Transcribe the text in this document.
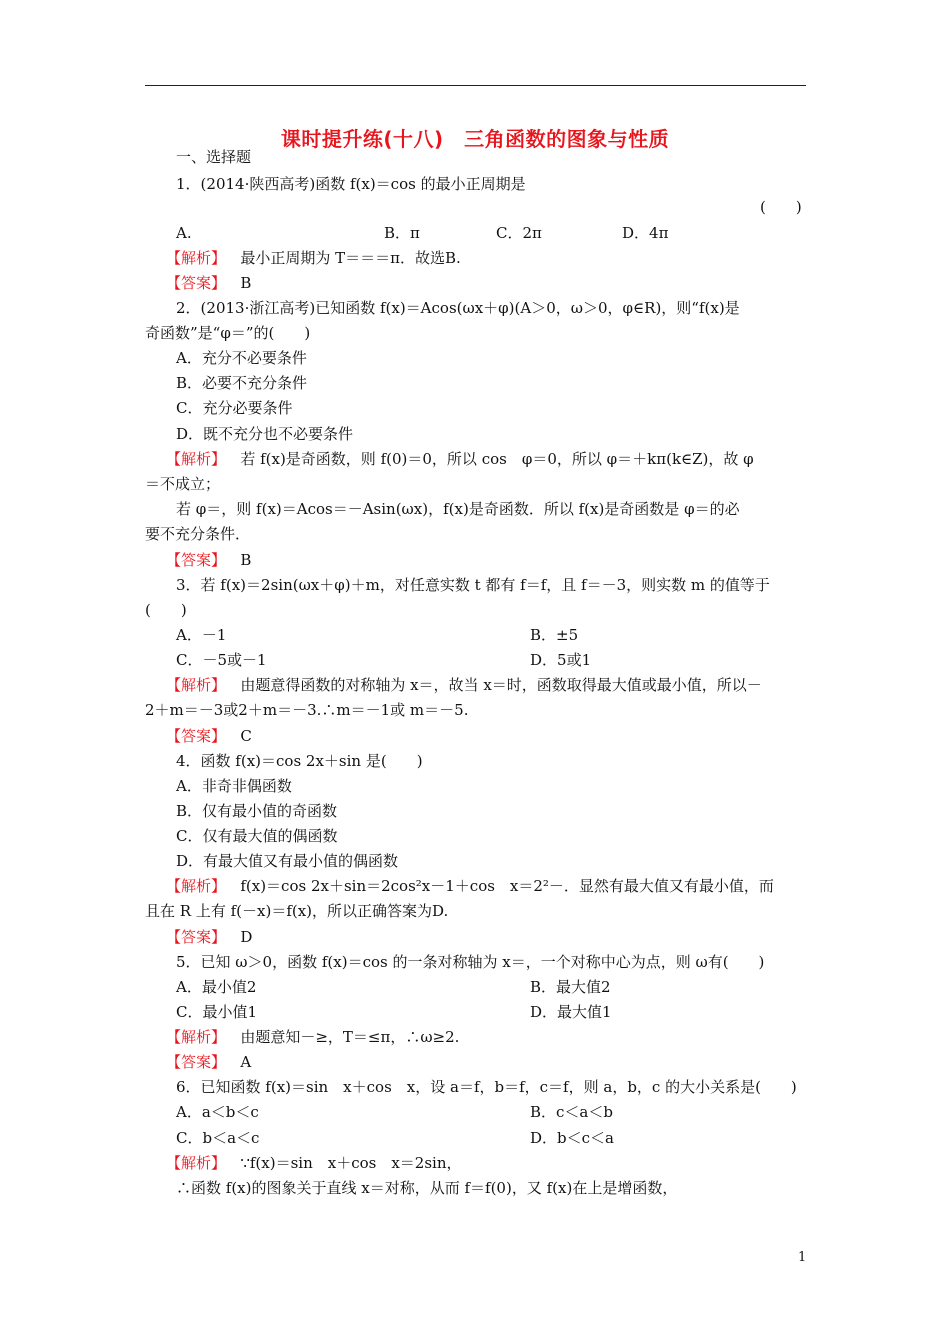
课时提升练(十八)　三角函数的图象与性质
一、选择题
1．(2014·陕西高考)函数 f(x)＝cos 的最小正周期是
(　　)
A.	B．π	C．2π	D．4π
【解析】 最小正周期为 T＝＝＝π．故选B.
【答案】 B
2．(2013·浙江高考)已知函数 f(x)＝Acos(ωx＋φ)(A＞0，ω＞0，φ∈R)，则“f(x)是
奇函数”是“φ＝”的(　　)
A．充分不必要条件
B．必要不充分条件
C．充分必要条件
D．既不充分也不必要条件
【解析】 若 f(x)是奇函数，则 f(0)＝0，所以 cos　φ＝0，所以 φ＝＋kπ(k∈Z)，故 φ
＝不成立；
若 φ＝，则 f(x)＝Acos＝－Asin(ωx)，f(x)是奇函数．所以 f(x)是奇函数是 φ＝的必
要不充分条件．
【答案】 B
3．若 f(x)＝2sin(ωx＋φ)＋m，对任意实数 t 都有 f＝f，且 f＝－3，则实数 m 的值等于
(　　)
A．－1	B．±5
C．－5或－1	D．5或1
【解析】 由题意得函数的对称轴为 x＝，故当 x＝时，函数取得最大值或最小值，所以－
2＋m＝－3或2＋m＝－3.∴m＝－1或 m＝－5.
【答案】 C
4．函数 f(x)＝cos 2x＋sin 是(　　)
A．非奇非偶函数
B．仅有最小值的奇函数
C．仅有最大值的偶函数
D．有最大值又有最小值的偶函数
【解析】 f(x)＝cos 2x＋sin＝2cos²x－1＋cos　x＝2²－．显然有最大值又有最小值，而
且在 R 上有 f(－x)＝f(x)，所以正确答案为D.
【答案】 D
5．已知 ω＞0，函数 f(x)＝cos 的一条对称轴为 x＝，一个对称中心为点，则 ω有(　　)
A．最小值2	B．最大值2
C．最小值1	D．最大值1
【解析】 由题意知－≥，T＝≤π，∴ω≥2.
【答案】 A
6．已知函数 f(x)＝sin　x＋cos　x，设 a＝f，b＝f，c＝f，则 a，b，c 的大小关系是(　　)
A．a＜b＜c	B．c＜a＜b
C．b＜a＜c	D．b＜c＜a
【解析】 ∵f(x)＝sin　x＋cos　x＝2sin，
∴函数 f(x)的图象关于直线 x＝对称，从而 f＝f(0)，又 f(x)在上是增函数，
1
